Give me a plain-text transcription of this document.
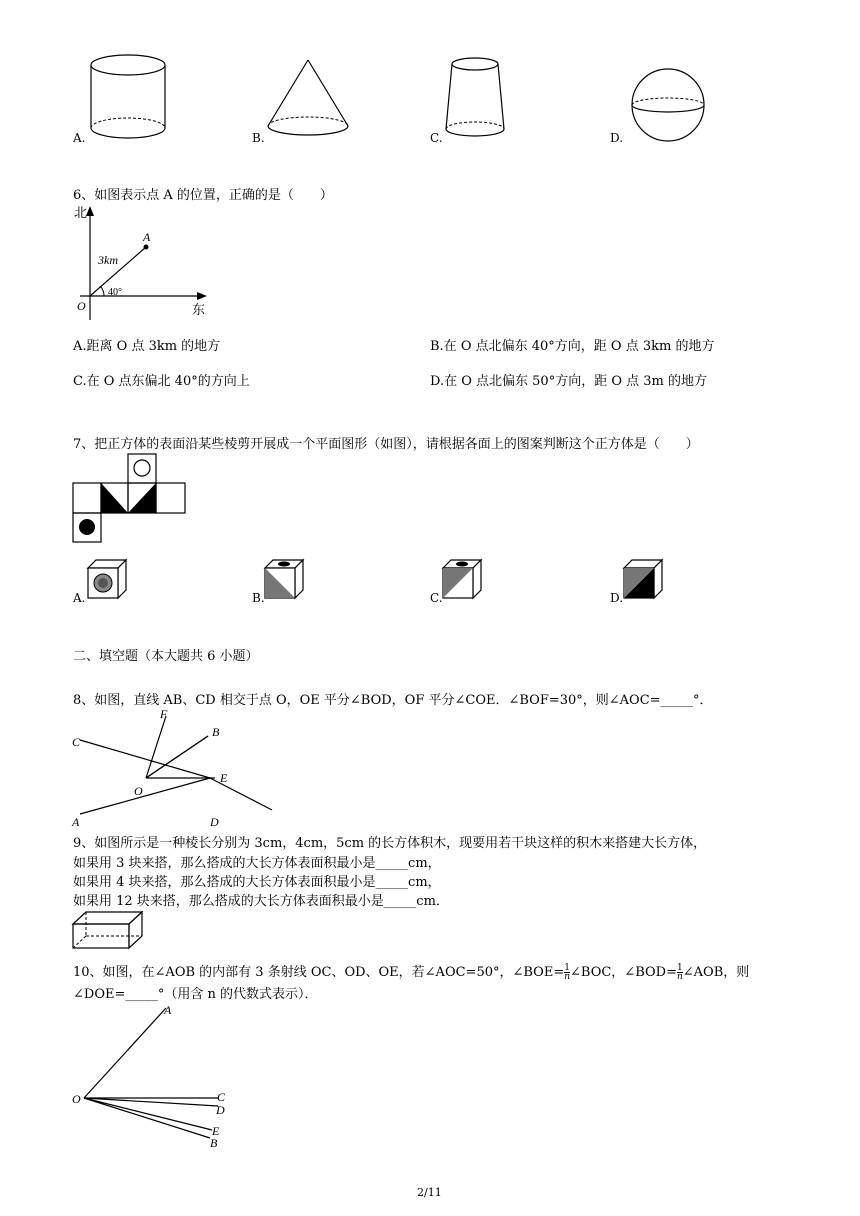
A.	B.	C.	D.
6、如图表示点 A 的位置，正确的是（　　）
北
东
3km
40°
O
A
A.距离 O 点 3km 的地方	B.在 O 点北偏东 40°方向，距 O 点 3km 的地方
C.在 O 点东偏北 40°的方向上	D.在 O 点北偏东 50°方向，距 O 点 3m 的地方
7、把正方体的表面沿某些棱剪开展成一个平面图形（如图），请根据各面上的图案判断这个正方体是（　　）
A.	B.	C.	D.
二、填空题（本大题共 6 小题）
8、如图，直线 AB、CD 相交于点 O，OE 平分∠BOD，OF 平分∠COE．∠BOF=30°，则∠AOC=_____°．
C
A
F
B
E
D
O
9、如图所示是一种棱长分别为 3cm，4cm，5cm 的长方体积木，现要用若干块这样的积木来搭建大长方体，
如果用 3 块来搭，那么搭成的大长方体表面积最小是_____cm，
如果用 4 块来搭，那么搭成的大长方体表面积最小是_____cm，
如果用 12 块来搭，那么搭成的大长方体表面积最小是_____cm．
10、如图，在∠AOB 的内部有 3 条射线 OC、OD、OE，若∠AOC=50°，∠BOE= $\frac{1}{n}$ ∠BOC，∠BOD= $\frac{1}{n}$ ∠AOB，则
∠DOE=_____°（用含 n 的代数式表示）．
O
A
C
D
E
B
2/11
